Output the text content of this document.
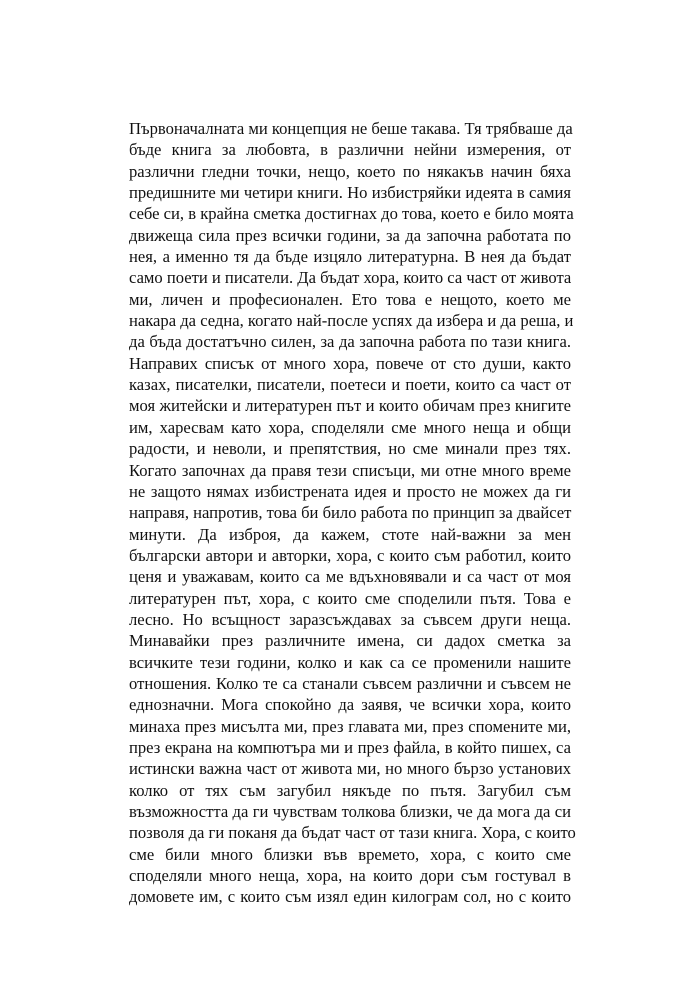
Първоначалната ми концепция не беше такава. Тя трябваше да
бъде книга за любовта, в различни нейни измерения, от
различни гледни точки, нещо, което по някакъв начин бяха
предишните ми четири книги. Но избистряйки идеята в самия
себе си, в крайна сметка достигнах до това, което е било моята
движеща сила през всички години, за да започна работата по
нея, а именно тя да бъде изцяло литературна. В нея да бъдат
само поети и писатели. Да бъдат хора, които са част от живота
ми, личен и професионален. Ето това е нещото, което ме
накара да седна, когато най-после успях да избера и да реша, и
да бъда достатъчно силен, за да започна работа по тази книга.
Направих списък от много хора, повече от сто души, както
казах, писателки, писатели, поетеси и поети, които са част от
моя житейски и литературен път и които обичам през книгите
им, харесвам като хора, споделяли сме много неща и общи
радости, и неволи, и препятствия, но сме минали през тях.
Когато започнах да правя тези списъци, ми отне много време
не защото нямах избистрената идея и просто не можех да ги
направя, напротив, това би било работа по принцип за двайсет
минути. Да изброя, да кажем, стоте най-важни за мен
български автори и авторки, хора, с които съм работил, които
ценя и уважавам, които са ме вдъхновявали и са част от моя
литературен път, хора, с които сме споделили пътя. Това е
лесно. Но всъщност заразсъждавах за съвсем други неща.
Минавайки през различните имена, си дадох сметка за
всичките тези години, колко и как са се променили нашите
отношения. Колко те са станали съвсем различни и съвсем не
еднозначни. Мога спокойно да заявя, че всички хора, които
минаха през мисълта ми, през главата ми, през спомените ми,
през екрана на компютъра ми и през файла, в който пишех, са
истински важна част от живота ми, но много бързо установих
колко от тях съм загубил някъде по пътя. Загубил съм
възможността да ги чувствам толкова близки, че да мога да си
позволя да ги поканя да бъдат част от тази книга. Хора, с които
сме били много близки във времето, хора, с които сме
споделяли много неща, хора, на които дори съм гостувал в
домовете им, с които съм изял един килограм сол, но с които
